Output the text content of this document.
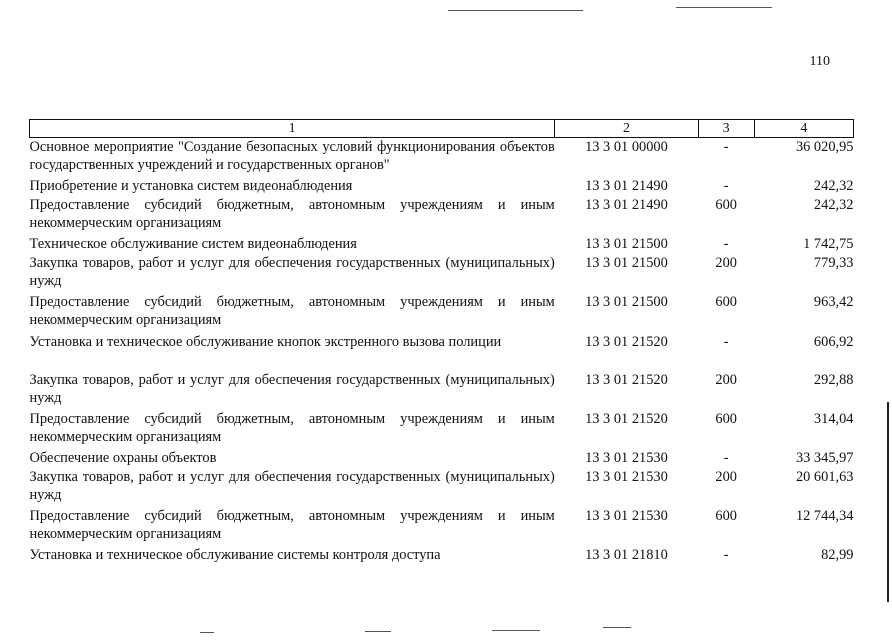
110
1	2	3	4
Основное мероприятие "Создание безопасных условий функционирования объектов государственных учреждений и государственных органов"	13 3 01 00000	-	36 020,95
Приобретение и установка систем видеонаблюдения	13 3 01 21490	-	242,32
Предоставление субсидий бюджетным, автономным учреждениям и иным некоммерческим организациям	13 3 01 21490	600	242,32
Техническое обслуживание систем видеонаблюдения	13 3 01 21500	-	1 742,75
Закупка товаров, работ и услуг для обеспечения государственных (муниципальных) нужд	13 3 01 21500	200	779,33
Предоставление субсидий бюджетным, автономным учреждениям и иным некоммерческим организациям	13 3 01 21500	600	963,42
Установка и техническое обслуживание кнопок экстренного вызова полиции	13 3 01 21520	-	606,92
Закупка товаров, работ и услуг для обеспечения государственных (муниципальных) нужд	13 3 01 21520	200	292,88
Предоставление субсидий бюджетным, автономным учреждениям и иным некоммерческим организациям	13 3 01 21520	600	314,04
Обеспечение охраны объектов	13 3 01 21530	-	33 345,97
Закупка товаров, работ и услуг для обеспечения государственных (муниципальных) нужд	13 3 01 21530	200	20 601,63
Предоставление субсидий бюджетным, автономным учреждениям и иным некоммерческим организациям	13 3 01 21530	600	12 744,34
Установка и техническое обслуживание системы контроля доступа	13 3 01 21810	-	82,99
